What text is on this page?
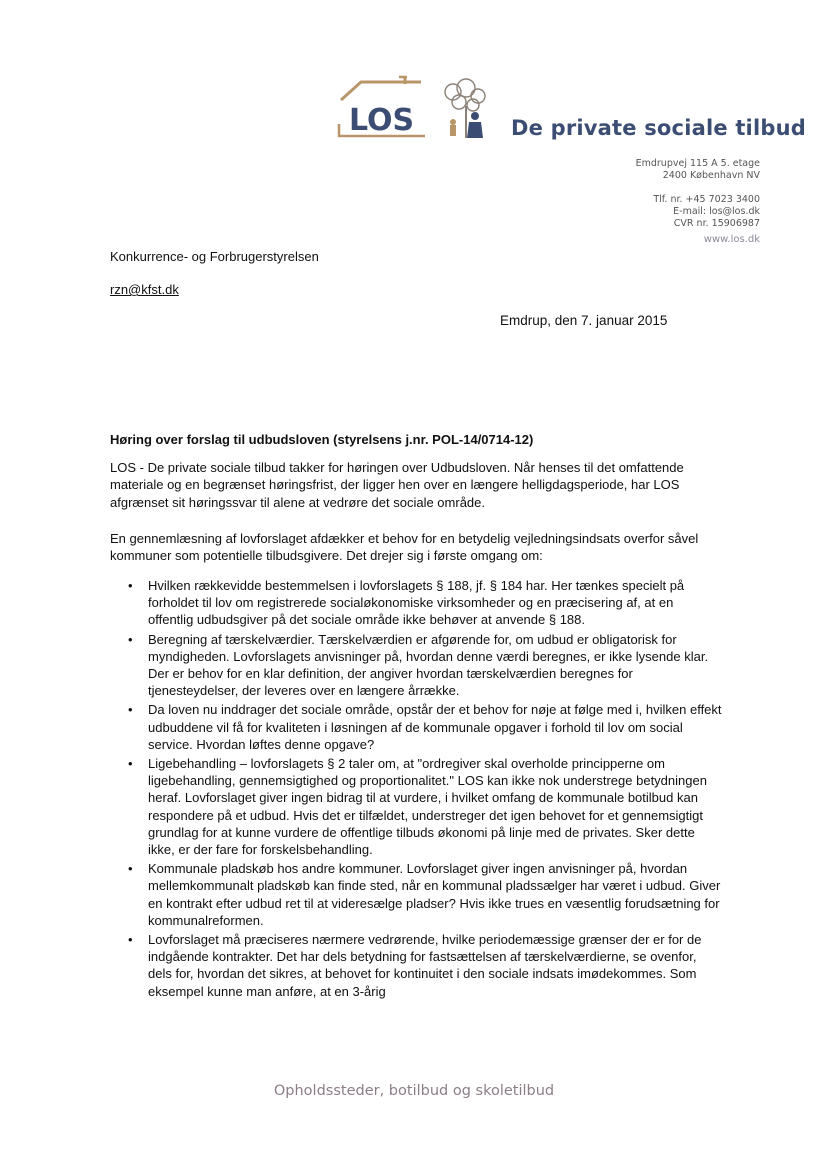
LOS	De private sociale tilbud
Emdrupvej 115 A 5. etage
2400 København NV
Tlf. nr. +45 7023 3400
E-mail: los@los.dk
CVR nr. 15906987
www.los.dk
Konkurrence- og Forbrugerstyrelsen
rzn@kfst.dk
Emdrup, den 7. januar 2015
Høring over forslag til udbudsloven (styrelsens j.nr. POL-14/0714-12)

LOS - De private sociale tilbud takker for høringen over Udbudsloven. Når henses til det omfattende materiale og en begrænset høringsfrist, der ligger hen over en længere helligdagsperiode, har LOS afgrænset sit høringssvar til alene at vedrøre det sociale område.

En gennemlæsning af lovforslaget afdækker et behov for en betydelig vejledningsindsats overfor såvel kommuner som potentielle tilbudsgivere. Det drejer sig i første omgang om:

• Hvilken rækkevidde bestemmelsen i lovforslagets § 188, jf. § 184 har. Her tænkes specielt på forholdet til lov om registrerede socialøkonomiske virksomheder og en præcisering af, at en offentlig udbudsgiver på det sociale område ikke behøver at anvende § 188.
• Beregning af tærskelværdier. Tærskelværdien er afgørende for, om udbud er obligatorisk for myndigheden. Lovforslagets anvisninger på, hvordan denne værdi beregnes, er ikke lysende klar. Der er behov for en klar definition, der angiver hvordan tærskelværdien beregnes for tjenesteydelser, der leveres over en længere årrække.
• Da loven nu inddrager det sociale område, opstår der et behov for nøje at følge med i, hvilken effekt udbuddene vil få for kvaliteten i løsningen af de kommunale opgaver i forhold til lov om social service. Hvordan løftes denne opgave?
• Ligebehandling – lovforslagets § 2 taler om, at "ordregiver skal overholde principperne om ligebehandling, gennemsigtighed og proportionalitet." LOS kan ikke nok understrege betydningen heraf. Lovforslaget giver ingen bidrag til at vurdere, i hvilket omfang de kommunale botilbud kan respondere på et udbud. Hvis det er tilfældet, understreger det igen behovet for et gennemsigtigt grundlag for at kunne vurdere de offentlige tilbuds økonomi på linje med de privates. Sker dette ikke, er der fare for forskelsbehandling.
• Kommunale pladskøb hos andre kommuner. Lovforslaget giver ingen anvisninger på, hvordan mellemkommunalt pladskøb kan finde sted, når en kommunal pladssælger har været i udbud. Giver en kontrakt efter udbud ret til at videresælge pladser? Hvis ikke trues en væsentlig forudsætning for kommunalreformen.
• Lovforslaget må præciseres nærmere vedrørende, hvilke periodemæssige grænser der er for de indgående kontrakter. Det har dels betydning for fastsættelsen af tærskelværdierne, se ovenfor, dels for, hvordan det sikres, at behovet for kontinuitet i den sociale indsats imødekommes. Som eksempel kunne man anføre, at en 3-årig
Opholdssteder, botilbud og skoletilbud
